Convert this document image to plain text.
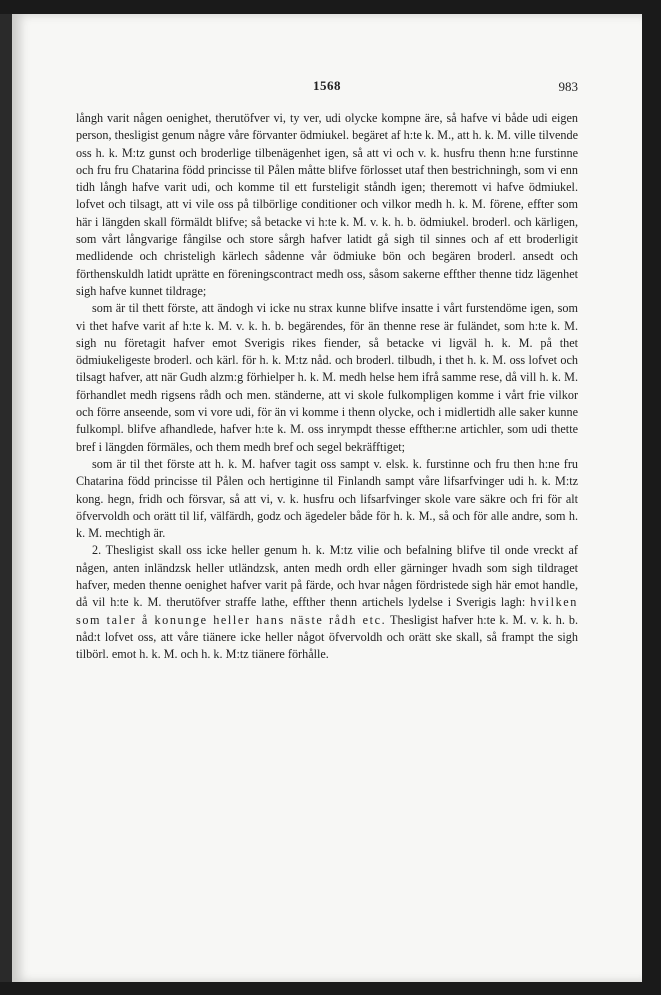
1568	983

långh varit någen oenighet, therutöfver vi, ty ver, udi olycke kompne äre, så hafve vi både udi eigen person, thesligist genum någre våre förvanter ödmiukel. begäret af h:te k. M., att h. k. M. ville tilvende oss h. k. M:tz gunst och broderlige tilbenägenhet igen, så att vi och v. k. husfru thenn h:ne furstinne och fru fru Chatarina född princisse til Pålen måtte blifve förlosset utaf then bestrichningh, som vi enn tidh långh hafve varit udi, och komme til ett fursteligit ståndh igen; theremott vi hafve ödmiukel. lofvet och tilsagt, att vi vile oss på tilbörlige conditioner och vilkor medh h. k. M. förene, effter som här i längden skall förmäldt blifve; så betacke vi h:te k. M. v. k. h. b. ödmiukel. broderl. och kärligen, som vårt långvarige fångilse och store sårgh hafver latidt gå sigh til sinnes och af ett broderligit medlidende och christeligh kärlech sådenne vår ödmiuke bön och begären broderl. ansedt och förthenskuldh latidt uprätte en föreningscontract medh oss, såsom sakerne effther thenne tidz lägenhet sigh hafve kunnet tildrage;

som är til thett förste, att ändogh vi icke nu strax kunne blifve insatte i vårt furstendöme igen, som vi thet hafve varit af h:te k. M. v. k. h. b. begärendes, för än thenne rese är fuländet, som h:te k. M. sigh nu företagit hafver emot Sverigis rikes fiender, så betacke vi ligväl h. k. M. på thet ödmiukeligeste broderl. och kärl. för h. k. M:tz nåd. och broderl. tilbudh, i thet h. k. M. oss lofvet och tilsagt hafver, att när Gudh alzm:g förhielper h. k. M. medh helse hem ifrå samme rese, då vill h. k. M. förhandlet medh rigsens rådh och men. ständerne, att vi skole fulkompligen komme i vårt frie vilkor och förre anseende, som vi vore udi, för än vi komme i thenn olycke, och i midlertidh alle saker kunne fulkompl. blifve afhandlede, hafver h:te k. M. oss inrympdt thesse effther:ne artichler, som udi thette bref i längden förmäles, och them medh bref och segel bekräfftiget;

som är til thet förste att h. k. M. hafver tagit oss sampt v. elsk. k. furstinne och fru then h:ne fru Chatarina född princisse til Pålen och hertiginne til Finlandh sampt våre lifsarfvinger udi h. k. M:tz kong. hegn, fridh och försvar, så att vi, v. k. husfru och lifsarfvinger skole vare säkre och fri för alt öfvervoldh och orätt til lif, välfärdh, godz och ägedeler både för h. k. M., så och för alle andre, som h. k. M. mechtigh är.

2. Thesligist skall oss icke heller genum h. k. M:tz vilie och befalning blifve til onde vreckt af någen, anten inländzsk heller utländzsk, anten medh ordh eller gärninger hvadh som sigh tildraget hafver, meden thenne oenighet hafver varit på färde, och hvar någen fördristede sigh här emot handle, då vil h:te k. M. therutöfver straffe lathe, effther thenn artichels lydelse i Sverigis lagh: hvilken som taler å konunge heller hans näste rådh etc. Thesligist hafver h:te k. M. v. k. h. b. nåd:t lofvet oss, att våre tiänere icke heller något öfvervoldh och orätt ske skall, så frampt the sigh tilbörl. emot h. k. M. och h. k. M:tz tiänere förhålle.
